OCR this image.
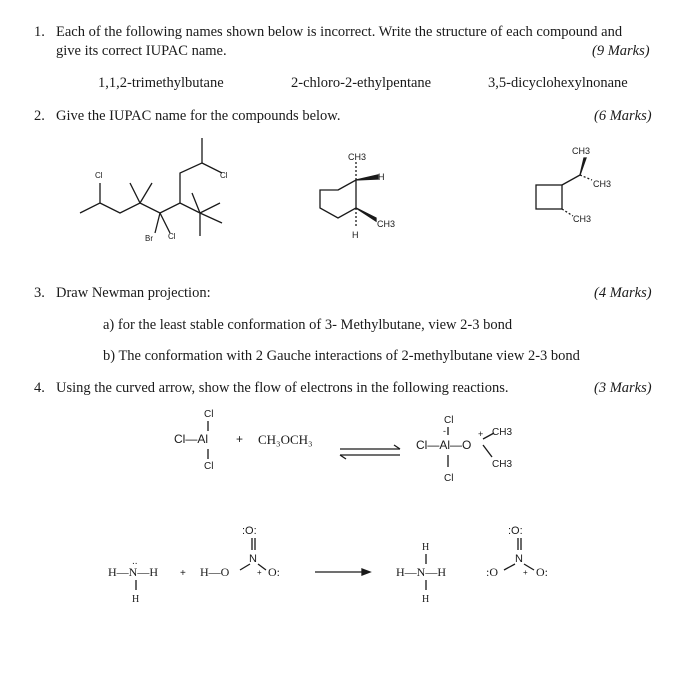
1. Each of the following names shown below is incorrect. Write the structure of each compound and
give its correct IUPAC name.	(9 Marks)
1,1,2-trimethylbutane	2-chloro-2-ethylpentane	3,5-dicyclohexylnonane
2. Give the IUPAC name for the compounds below.	(6 Marks)
Cl	Cl
Br Cl
CH3
H
CH3
H
CH3
CH3
CH3
3. Draw Newman projection:	(4 Marks)
a) for the least stable conformation of 3- Methylbutane, view 2-3 bond
b) The conformation with 2 Gauche interactions of 2-methylbutane view 2-3 bond
4. Using the curved arrow, show the flow of electrons in the following reactions.	(3 Marks)
Cl
Cl—Al
Cl
+ CH₃OCH₃
Cl
-
Cl—Al—O
+ CH3
CH3
Cl
H—N—H
..
H
+ H—O
:O:
N
+ O:
H
H—N—H
H
:O:
N
:O	+ O:
